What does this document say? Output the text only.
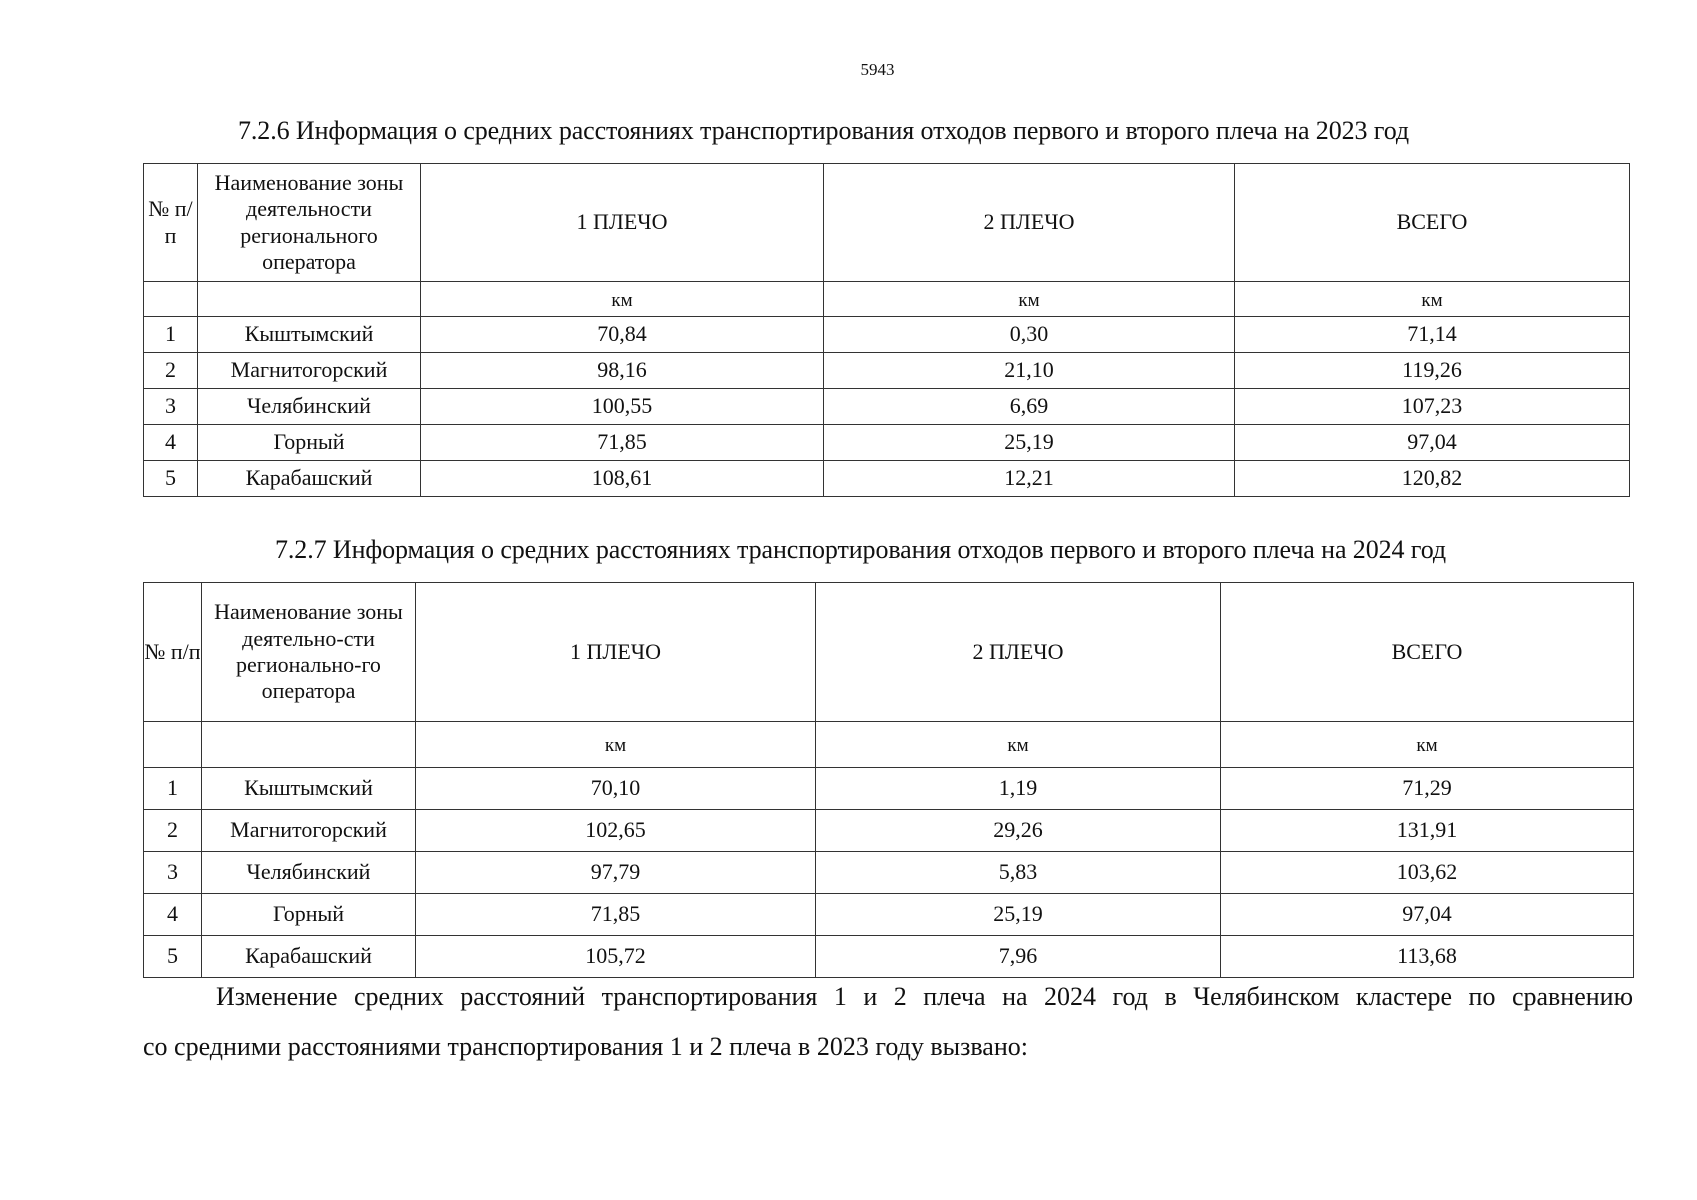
5943
7.2.6 Информация о средних расстояниях транспортирования отходов первого и второго плеча на 2023 год
№ п/п	Наименование зоны деятельности регионального оператора	1 ПЛЕЧО	2 ПЛЕЧО	ВСЕГО
		км	км	км
1	Кыштымский	70,84	0,30	71,14
2	Магнитогорский	98,16	21,10	119,26
3	Челябинский	100,55	6,69	107,23
4	Горный	71,85	25,19	97,04
5	Карабашский	108,61	12,21	120,82
7.2.7 Информация о средних расстояниях транспортирования отходов первого и второго плеча на 2024 год
№ п/п	Наименование зоны деятельно-сти регионально-го оператора	1 ПЛЕЧО	2 ПЛЕЧО	ВСЕГО
		км	км	км
1	Кыштымский	70,10	1,19	71,29
2	Магнитогорский	102,65	29,26	131,91
3	Челябинский	97,79	5,83	103,62
4	Горный	71,85	25,19	97,04
5	Карабашский	105,72	7,96	113,68
Изменение средних расстояний транспортирования 1 и 2 плеча на 2024 год в Челябинском кластере по сравнению
со средними расстояниями транспортирования 1 и 2 плеча в 2023 году вызвано:
